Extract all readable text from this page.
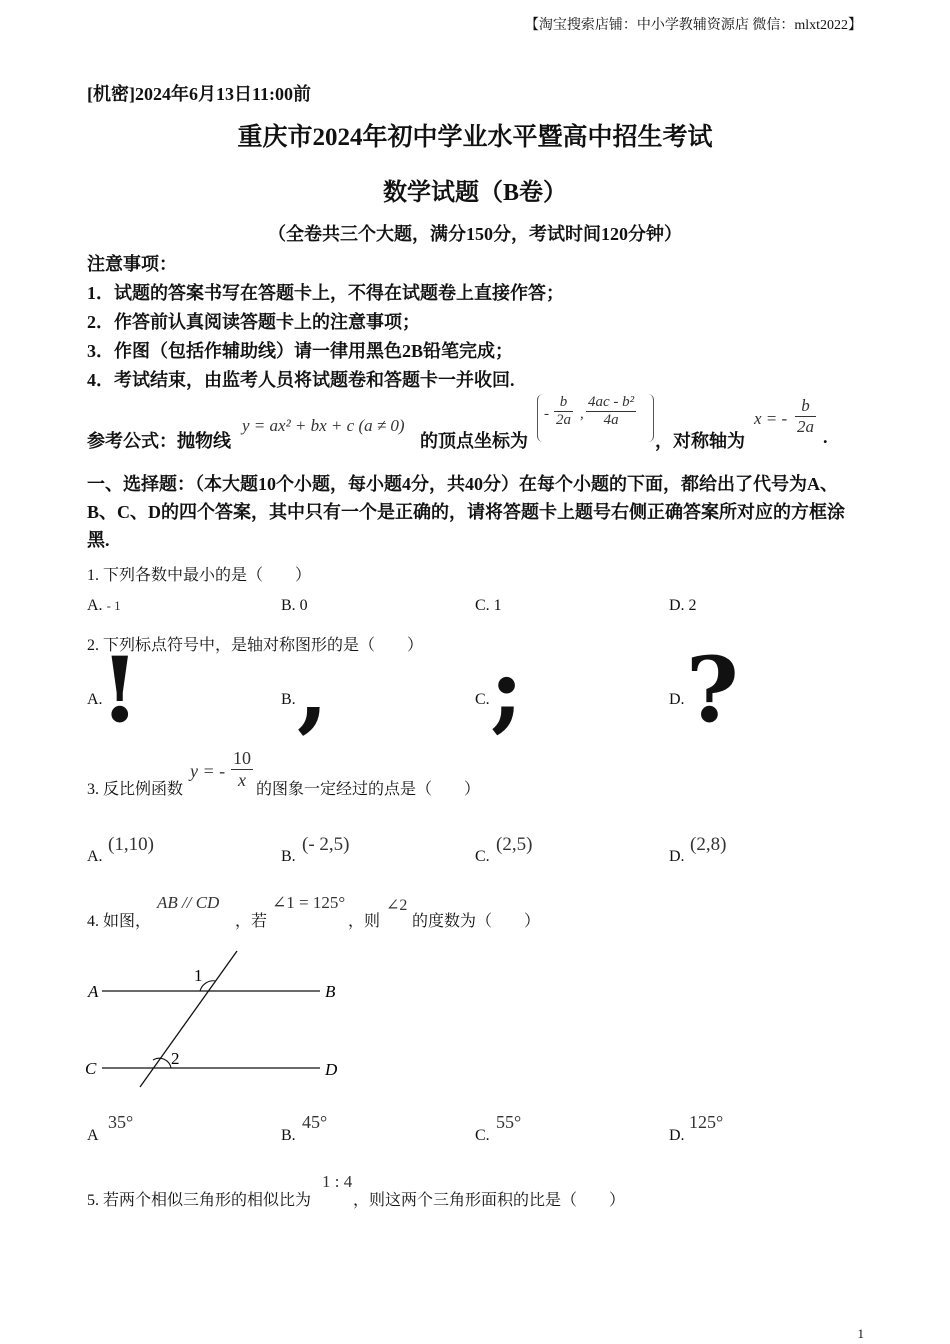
【淘宝搜索店铺：中小学教辅资源店 微信：mlxt2022】
[机密]2024年6月13日11:00前
重庆市2024年初中学业水平暨高中招生考试
数学试题（B卷）
（全卷共三个大题，满分150分，考试时间120分钟）
注意事项：
1．试题的答案书写在答题卡上，不得在试题卷上直接作答；
2．作答前认真阅读答题卡上的注意事项；
3．作图（包括作辅助线）请一律用黑色2B铅笔完成；
4．考试结束，由监考人员将试题卷和答题卡一并收回.
参考公式：抛物线
y = ax² + bx + c (a ≠ 0)
的顶点坐标为
- $\frac{b}{2a}$ , $\frac{\text{4ac - b²}}{4a}$
，对称轴为
x = - $\frac{b}{2a}$ .
一、选择题：（本大题10个小题，每小题4分，共40分）在每个小题的下面，都给出了代号为A、B、C、D的四个答案，其中只有一个是正确的，请将答题卡上题号右侧正确答案所对应的方框涂黑.
1. 下列各数中最小的是（　　）
A. - 1	B. 0	C. 1	D. 2
2. 下列标点符号中，是轴对称图形的是（　　）
A.
!	B. ,	C. ;	D. ?
3. 反比例函数
y = - $\frac{10}{x}$ 的图象一定经过的点是（　　）
A.
(1,10)
B.
(- 2,5)
C.
(2,5)
D.
(2,8)
4. 如图，
AB // CD
，若
∠1 = 125°
，则
∠2
的度数为（　　）
A	B
C	D
1
2
A
35°
B.
45°
C.
55°
D.
125°
5. 若两个相似三角形的相似比为
1 : 4
，则这两个三角形面积的比是（　　）
1
